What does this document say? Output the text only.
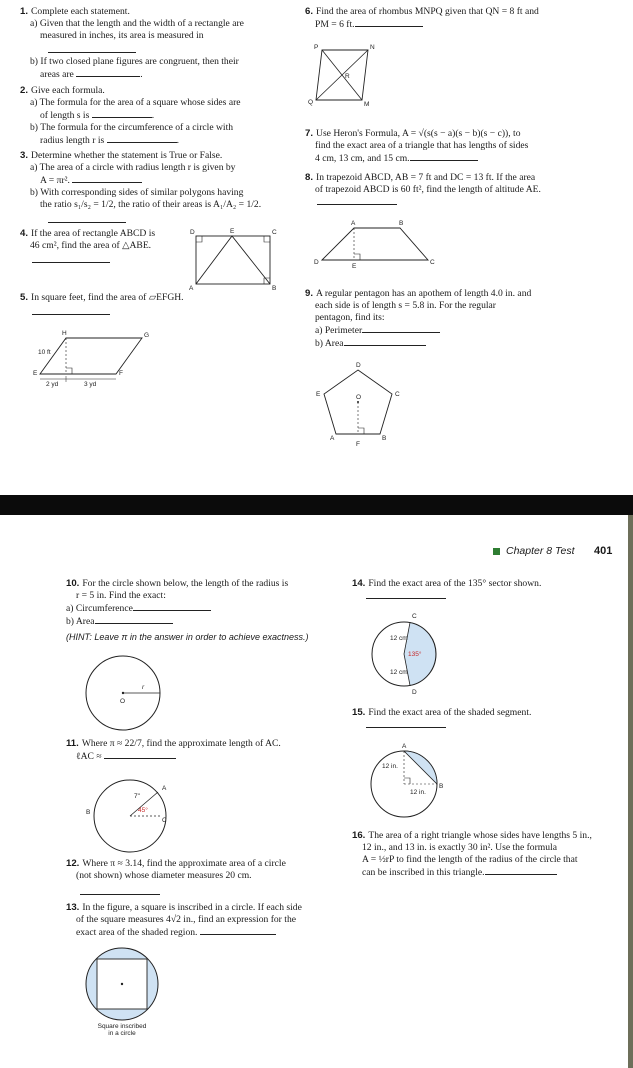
1. Complete each statement.
a) Given that the length and the width of a rectangle are
measured in inches, its area is measured in
b) If two closed plane figures are congruent, then their
areas are	.
2. Give each formula.
a) The formula for the area of a square whose sides are
of length s is	.
b) The formula for the circumference of a circle with
radius length r is	.
3. Determine whether the statement is True or False.
a) The area of a circle with radius length r is given by
A = πr².
b) With corresponding sides of similar polygons having
the ratio s₁/s₂ = 1/2, the ratio of their areas is A₁/A₂ = 1/2.
4. If the area of rectangle ABCD is
46 cm², find the area of △ABE.
D	E	C
A	B
5. In square feet, find the area of ▱EFGH.
H	G
E	F
10 ft
2 yd	3 yd
6. Find the area of rhombus MNPQ given that QN = 8 ft and
PM = 6 ft.
P	N
R
Q	M
7. Use Heron's Formula, A = √(s(s − a)(s − b)(s − c)), to
find the exact area of a triangle that has lengths of sides
4 cm, 13 cm, and 15 cm.
8. In trapezoid ABCD, AB = 7 ft and DC = 13 ft. If the area
of trapezoid ABCD is 60 ft², find the length of altitude AE.
A	B
D
E
C
9. A regular pentagon has an apothem of length 4.0 in. and
each side is of length s = 5.8 in. For the regular
pentagon, find its:
a) Perimeter
b) Area
D
E	C
O
A
F
B
Chapter 8 Test 401
10. For the circle shown below, the length of the radius is
r = 5 in. Find the exact:
a) Circumference
b) Area
(HINT: Leave π in the answer in order to achieve exactness.)
r
O
11. Where π ≈ 22/7, find the approximate length of AC.
ℓAC ≈
A
B
C
7"
45°
12. Where π ≈ 3.14, find the approximate area of a circle
(not shown) whose diameter measures 20 cm.
13. In the figure, a square is inscribed in a circle. If each side
of the square measures 4√2 in., find an expression for the
exact area of the shaded region.
Square inscribed
in a circle
14. Find the exact area of the 135° sector shown.
C
12 cm
135°
12 cm
D
15. Find the exact area of the shaded segment.
A
12 in.
12 in.
B
16. The area of a right triangle whose sides have lengths 5 in.,
12 in., and 13 in. is exactly 30 in². Use the formula
A = ½rP to find the length of the radius of the circle that
can be inscribed in this triangle.
